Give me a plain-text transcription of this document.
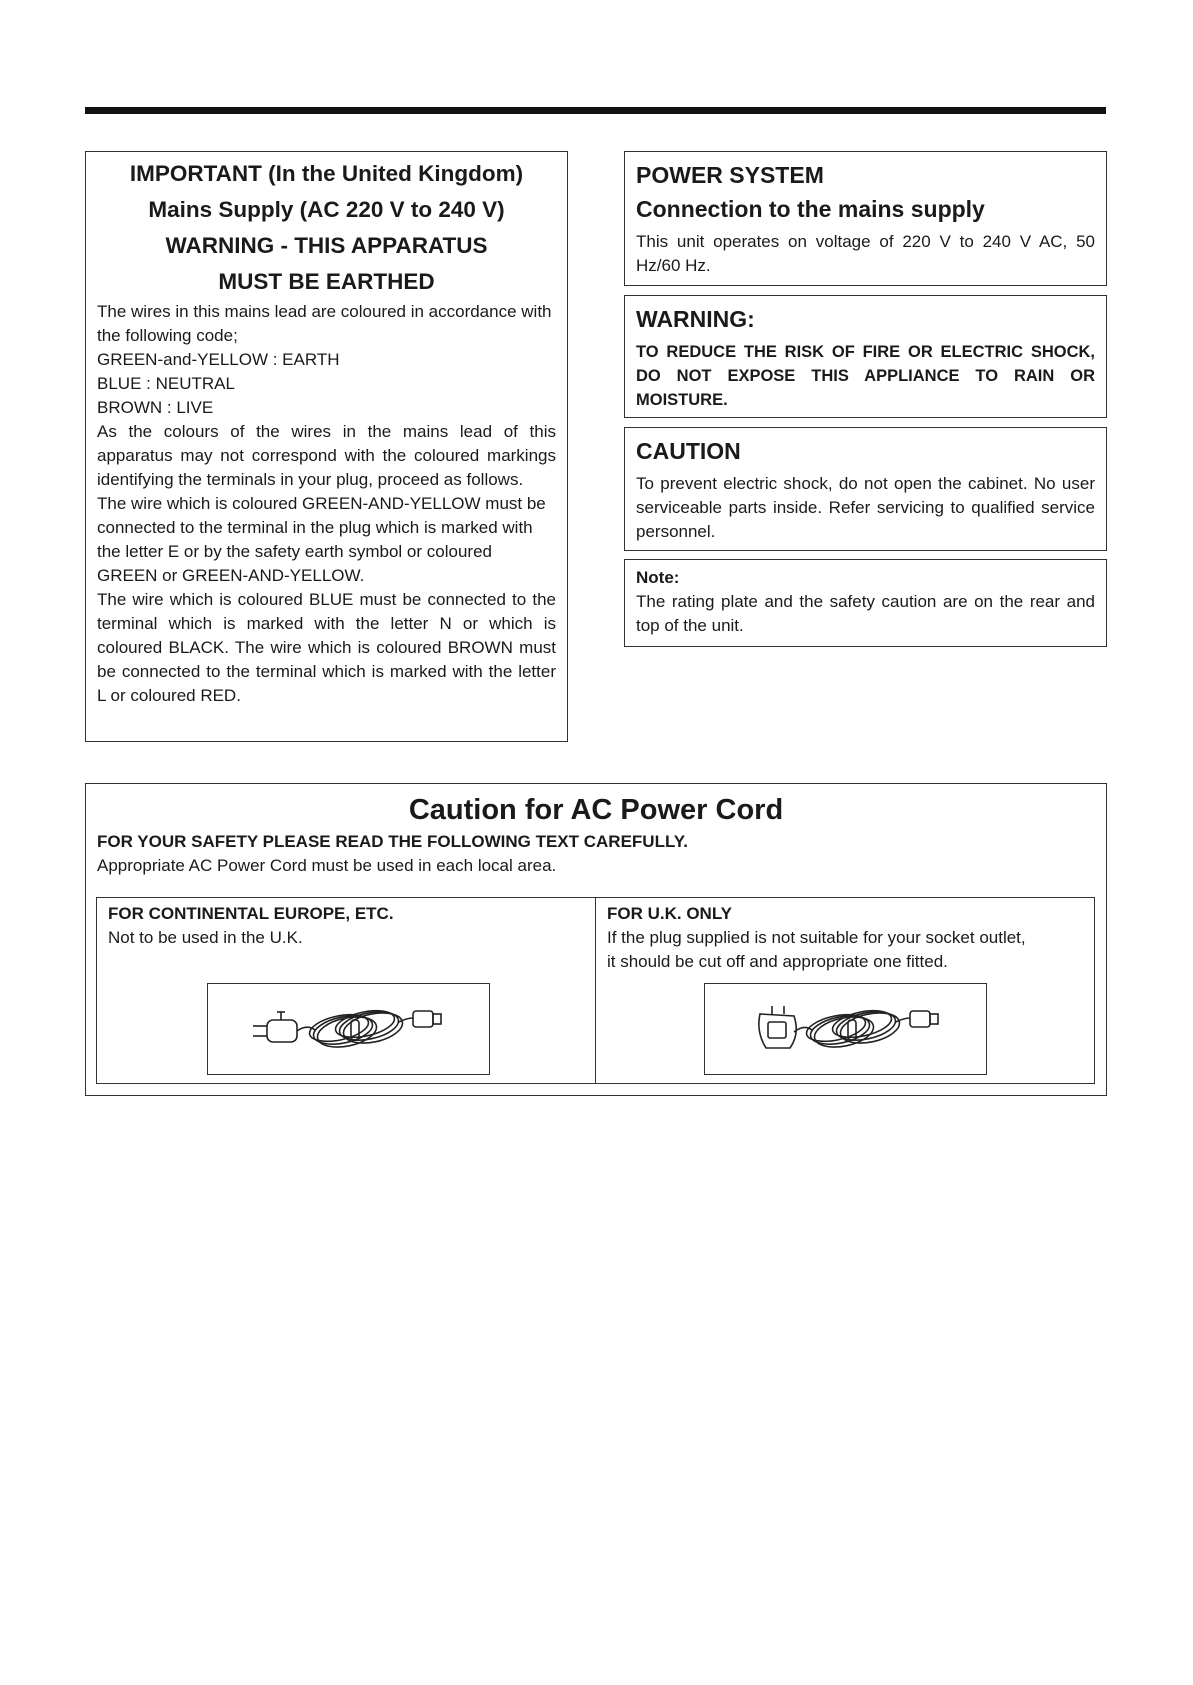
IMPORTANT (In the United Kingdom)

Mains Supply (AC 220 V to 240 V)

WARNING - THIS APPARATUS

MUST BE EARTHED

The wires in this mains lead are coloured in accordance with the following code;

GREEN-and-YELLOW : EARTH

BLUE : NEUTRAL

BROWN : LIVE

As the colours of the wires in the mains lead of this apparatus may not correspond with the coloured markings identifying the terminals in your plug, proceed as follows.

The wire which is coloured GREEN-AND-YELLOW must be connected to the terminal in the plug which is marked with the letter E or by the safety earth symbol or coloured GREEN or GREEN-AND-YELLOW.

The wire which is coloured BLUE must be connected to the terminal which is marked with the letter N or which is coloured BLACK. The wire which is coloured BROWN must be connected to the terminal which is marked with the letter L or coloured RED.

POWER SYSTEM

Connection to the mains supply

This unit operates on voltage of 220 V to 240 V AC, 50 Hz/60 Hz.

WARNING:

TO REDUCE THE RISK OF FIRE OR ELECTRIC SHOCK, DO NOT EXPOSE THIS APPLIANCE TO RAIN OR MOISTURE.

CAUTION

To prevent electric shock, do not open the cabinet. No user serviceable parts inside. Refer servicing to qualified service personnel.

Note:

The rating plate and the safety caution are on the rear and top of the unit.

Caution for AC Power Cord

FOR YOUR SAFETY PLEASE READ THE FOLLOWING TEXT CAREFULLY.

Appropriate AC Power Cord must be used in each local area.

FOR CONTINENTAL EUROPE, ETC.

Not to be used in the U.K.

FOR U.K. ONLY

If the plug supplied is not suitable for your socket outlet,

it should be cut off and appropriate one fitted.
